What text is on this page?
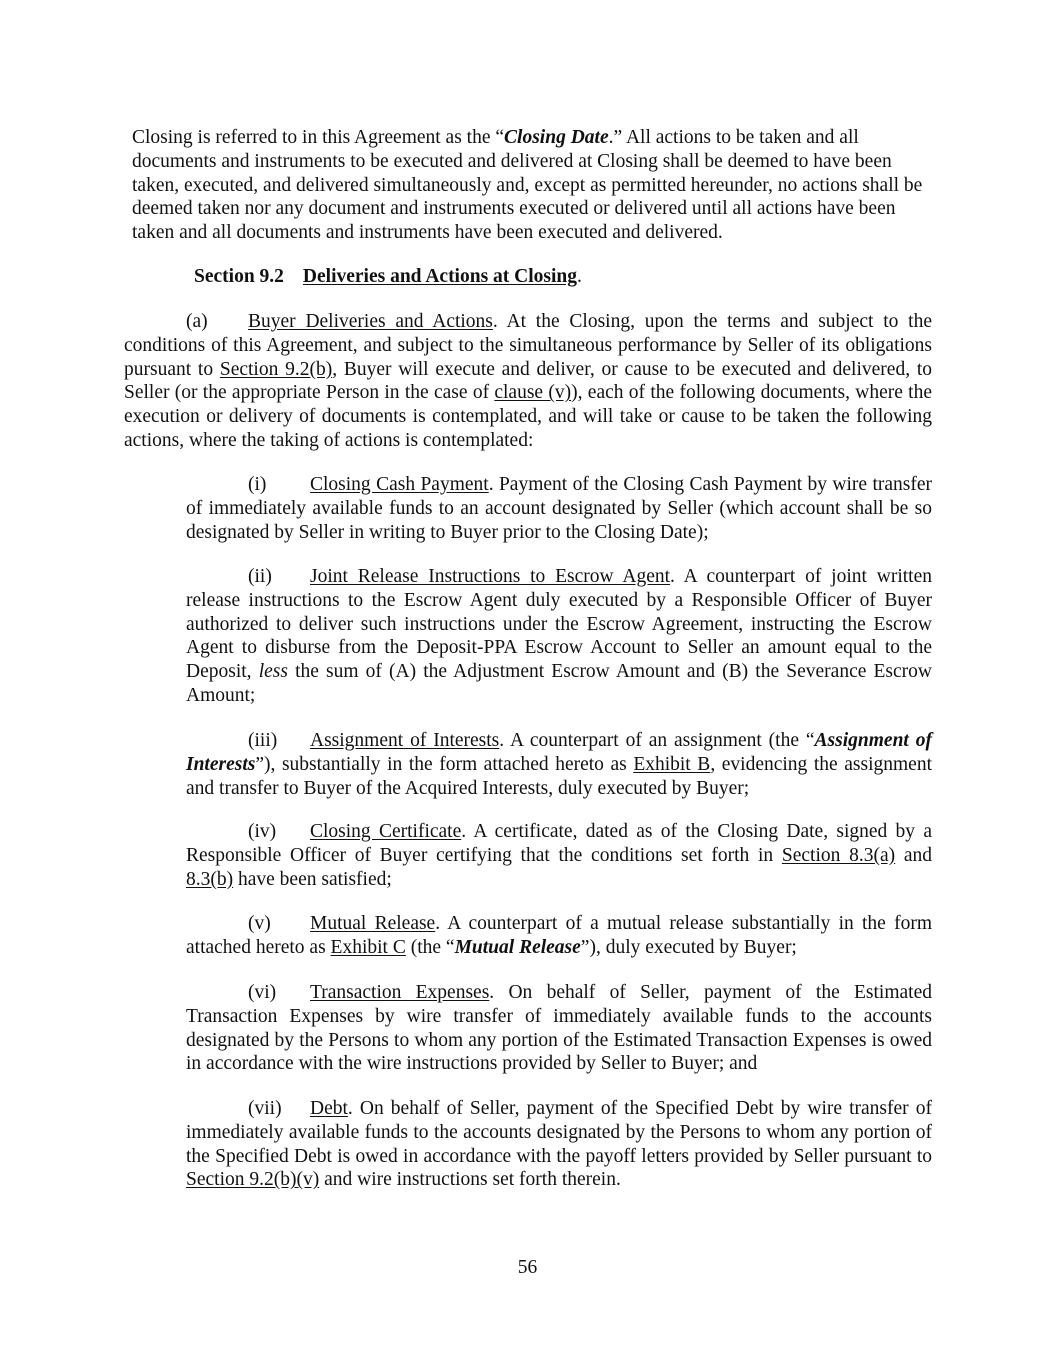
Closing is referred to in this Agreement as the “Closing Date.” All actions to be taken and all documents and instruments to be executed and delivered at Closing shall be deemed to have been taken, executed, and delivered simultaneously and, except as permitted hereunder, no actions shall be deemed taken nor any document and instruments executed or delivered until all actions have been taken and all documents and instruments have been executed and delivered.

Section 9.2 Deliveries and Actions at Closing.

(a) Buyer Deliveries and Actions. At the Closing, upon the terms and subject to the conditions of this Agreement, and subject to the simultaneous performance by Seller of its obligations pursuant to Section 9.2(b), Buyer will execute and deliver, or cause to be executed and delivered, to Seller (or the appropriate Person in the case of clause (v)), each of the following documents, where the execution or delivery of documents is contemplated, and will take or cause to be taken the following actions, where the taking of actions is contemplated:

(i) Closing Cash Payment. Payment of the Closing Cash Payment by wire transfer of immediately available funds to an account designated by Seller (which account shall be so designated by Seller in writing to Buyer prior to the Closing Date);

(ii) Joint Release Instructions to Escrow Agent. A counterpart of joint written release instructions to the Escrow Agent duly executed by a Responsible Officer of Buyer authorized to deliver such instructions under the Escrow Agreement, instructing the Escrow Agent to disburse from the Deposit-PPA Escrow Account to Seller an amount equal to the Deposit, less the sum of (A) the Adjustment Escrow Amount and (B) the Severance Escrow Amount;

(iii) Assignment of Interests. A counterpart of an assignment (the “Assignment of Interests”), substantially in the form attached hereto as Exhibit B, evidencing the assignment and transfer to Buyer of the Acquired Interests, duly executed by Buyer;

(iv) Closing Certificate. A certificate, dated as of the Closing Date, signed by a Responsible Officer of Buyer certifying that the conditions set forth in Section 8.3(a) and 8.3(b) have been satisfied;

(v) Mutual Release. A counterpart of a mutual release substantially in the form attached hereto as Exhibit C (the “Mutual Release”), duly executed by Buyer;

(vi) Transaction Expenses. On behalf of Seller, payment of the Estimated Transaction Expenses by wire transfer of immediately available funds to the accounts designated by the Persons to whom any portion of the Estimated Transaction Expenses is owed in accordance with the wire instructions provided by Seller to Buyer; and

(vii) Debt. On behalf of Seller, payment of the Specified Debt by wire transfer of immediately available funds to the accounts designated by the Persons to whom any portion of the Specified Debt is owed in accordance with the payoff letters provided by Seller pursuant to Section 9.2(b)(v) and wire instructions set forth therein.

56
